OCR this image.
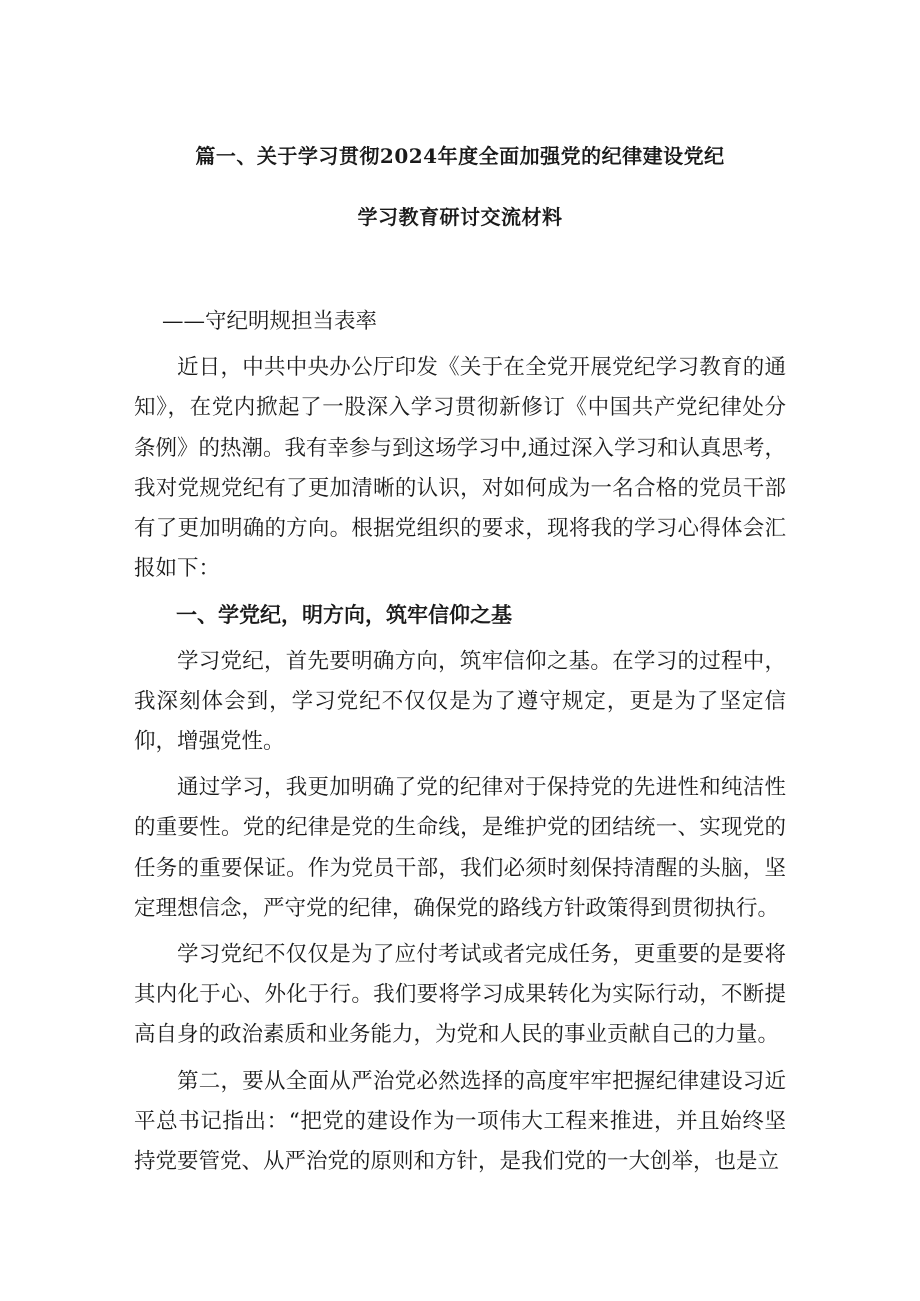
篇一、关于学习贯彻2024年度全面加强党的纪律建设党纪
学习教育研讨交流材料

——守纪明规担当表率

近日，中共中央办公厅印发《关于在全党开展党纪学习教育的通知》，在党内掀起了一股深入学习贯彻新修订《中国共产党纪律处分条例》的热潮。我有幸参与到这场学习中,通过深入学习和认真思考，我对党规党纪有了更加清晰的认识，对如何成为一名合格的党员干部有了更加明确的方向。根据党组织的要求，现将我的学习心得体会汇报如下：

一、学党纪，明方向，筑牢信仰之基

学习党纪，首先要明确方向，筑牢信仰之基。在学习的过程中，我深刻体会到，学习党纪不仅仅是为了遵守规定，更是为了坚定信仰，增强党性。

通过学习，我更加明确了党的纪律对于保持党的先进性和纯洁性的重要性。党的纪律是党的生命线，是维护党的团结统一、实现党的任务的重要保证。作为党员干部，我们必须时刻保持清醒的头脑，坚定理想信念，严守党的纪律，确保党的路线方针政策得到贯彻执行。

学习党纪不仅仅是为了应付考试或者完成任务，更重要的是要将其内化于心、外化于行。我们要将学习成果转化为实际行动，不断提高自身的政治素质和业务能力，为党和人民的事业贡献自己的力量。

第二，要从全面从严治党必然选择的高度牢牢把握纪律建设习近平总书记指出：“把党的建设作为一项伟大工程来推进，并且始终坚持党要管党、从严治党的原则和方针，是我们党的一大创举，也是立
